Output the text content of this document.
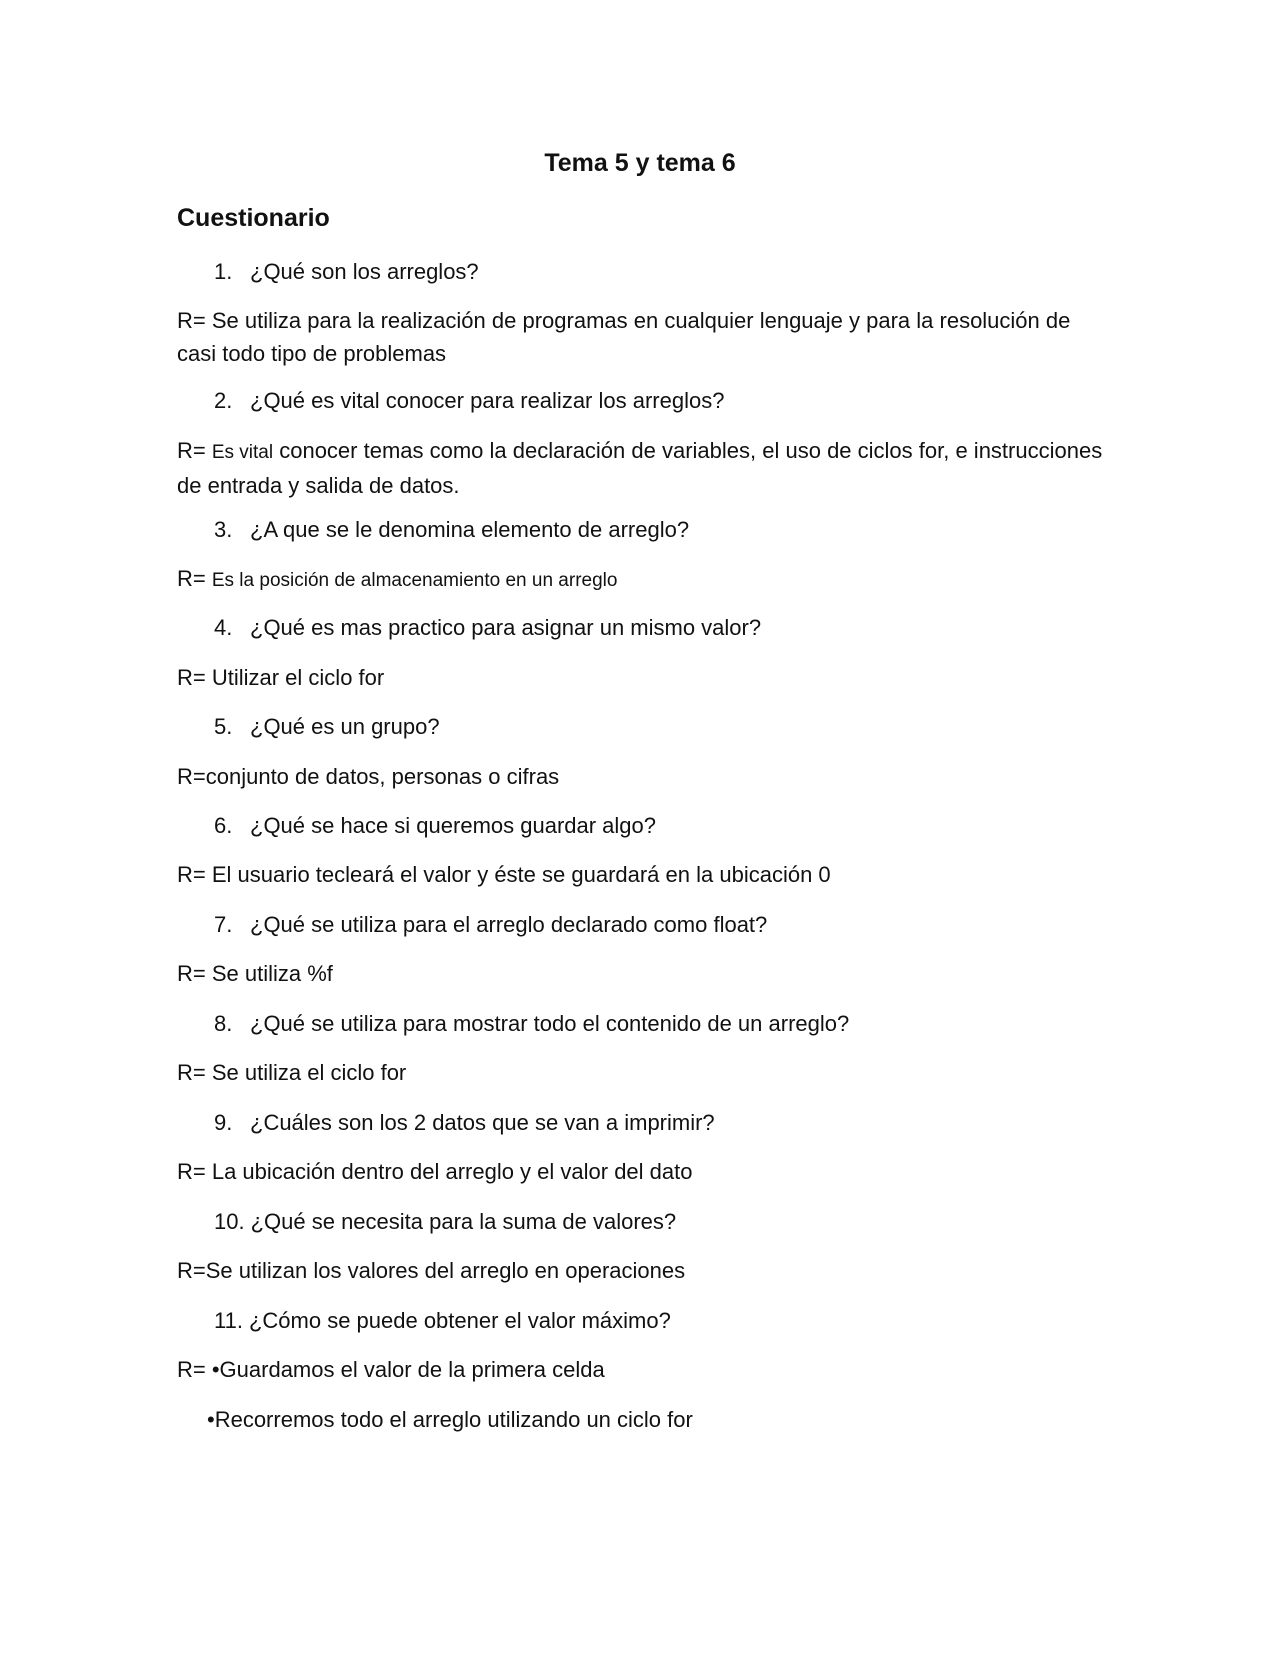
Tema 5 y tema 6
Cuestionario
1. ¿Qué son los arreglos?
R= Se utiliza para la realización de programas en cualquier lenguaje y para la resolución de casi todo tipo de problemas
2. ¿Qué es vital conocer para realizar los arreglos?
R= Es vital conocer temas como la declaración de variables, el uso de ciclos for, e instrucciones de entrada y salida de datos.
3. ¿A que se le denomina elemento de arreglo?
R= Es la posición de almacenamiento en un arreglo
4. ¿Qué es mas practico para asignar un mismo valor?
R= Utilizar el ciclo for
5. ¿Qué es un grupo?
R=conjunto de datos, personas o cifras
6. ¿Qué se hace si queremos guardar algo?
R= El usuario tecleará el valor y éste se guardará en la ubicación 0
7. ¿Qué se utiliza para el arreglo declarado como float?
R= Se utiliza %f
8. ¿Qué se utiliza para mostrar todo el contenido de un arreglo?
R= Se utiliza el ciclo for
9. ¿Cuáles son los 2 datos que se van a imprimir?
R= La ubicación dentro del arreglo y el valor del dato
10. ¿Qué se necesita para la suma de valores?
R=Se utilizan los valores del arreglo en operaciones
11. ¿Cómo se puede obtener el valor máximo?
R= •Guardamos el valor de la primera celda
•Recorremos todo el arreglo utilizando un ciclo for
